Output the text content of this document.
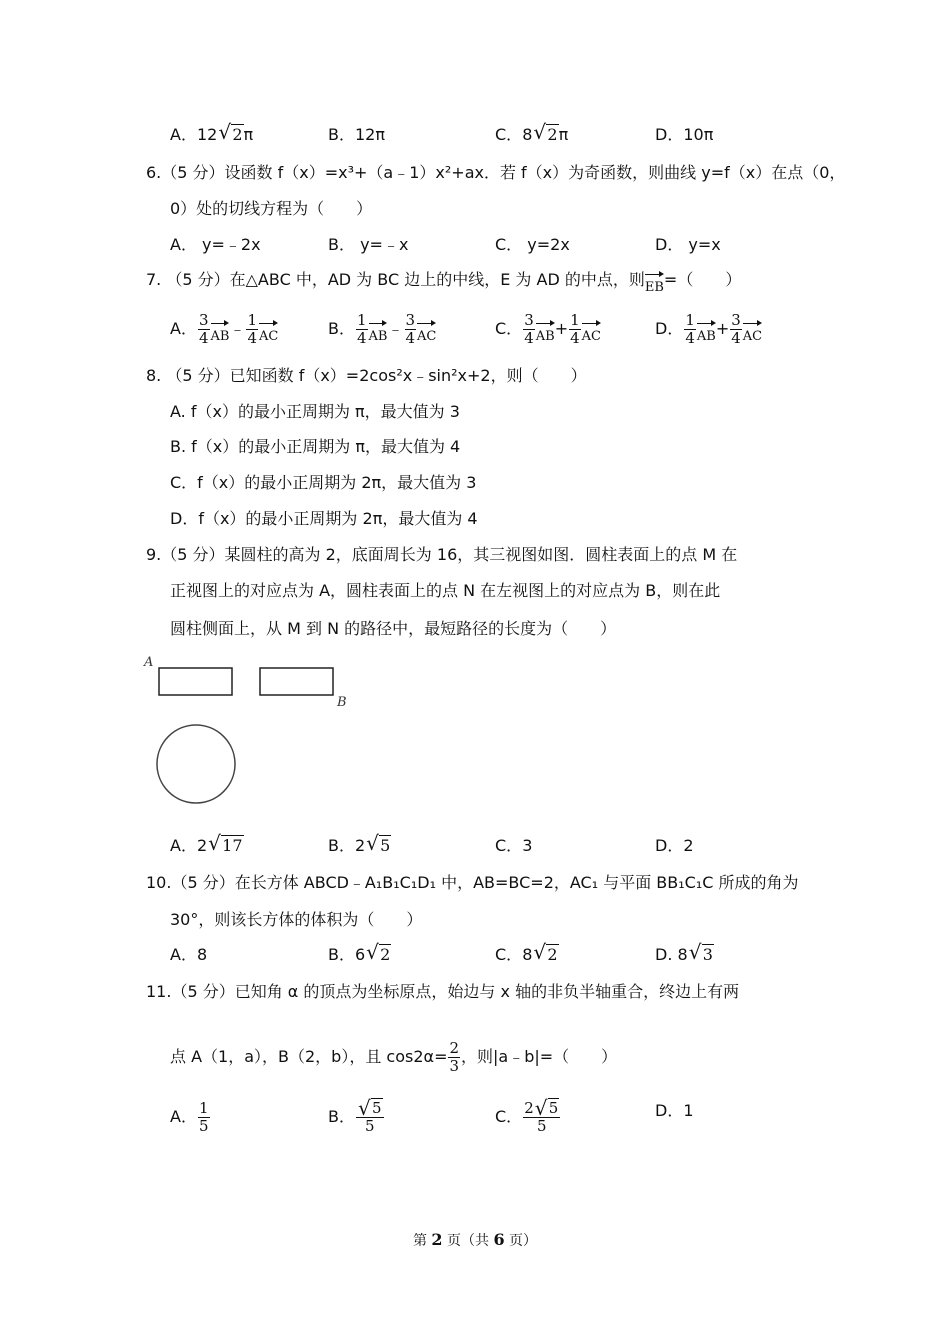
A．12 √ 2π	B．12π	C．8 √ 2π	D．10π
6.（5 分）设函数 f（x）=x³+（a﹣1）x²+ax．若 f（x）为奇函数，则曲线 y=f（x）在点（0，
0）处的切线方程为（　　）
A． y=﹣2x	B． y=﹣x	C． y=2x	D． y=x
7. （5 分）在△ABC 中，AD 为 BC 边上的中线，E 为 AD 的中点，则EB=（　　）
A． $\frac{3}{4}$ AB﹣ $\frac{1}{4}$ AC	B． $\frac{1}{4}$ AB﹣ $\frac{3}{4}$ AC	C． $\frac{3}{4} AB+ \frac{1}{4}$ AC	D． $\frac{1}{4} AB+ \frac{3}{4}$ AC
8. （5 分）已知函数 f（x）=2cos²x﹣sin²x+2，则（　　）
A. f（x）的最小正周期为 π，最大值为 3
B. f（x）的最小正周期为 π，最大值为 4
C．f（x）的最小正周期为 2π，最大值为 3
D．f（x）的最小正周期为 2π，最大值为 4
9.（5 分）某圆柱的高为 2，底面周长为 16，其三视图如图．圆柱表面上的点 M 在
正视图上的对应点为 A，圆柱表面上的点 N 在左视图上的对应点为 B，则在此
圆柱侧面上，从 M 到 N 的路径中，最短路径的长度为（　　）
A
B
A．2 √ 17	B．2 √ 5	C．3	D．2
10.（5 分）在长方体 ABCD﹣A₁B₁C₁D₁ 中，AB=BC=2，AC₁ 与平面 BB₁C₁C 所成的角为
30°，则该长方体的体积为（　　）
A．8	B．6 √ 2	C．8 √ 2	D. 8 √ 3
11.（5 分）已知角 α 的顶点为坐标原点，始边与 x 轴的非负半轴重合，终边上有两
点 A（1，a），B（2，b），且 $\cos 2\alpha= \frac{2}{3}$ ，则|a﹣b|=（　　）
A． $\frac{1}{5}$	B． $\frac{√ 5}{5}$	C． $\frac{2 √ 5}{5}$	D．1
第 2 页（共 6 页）
